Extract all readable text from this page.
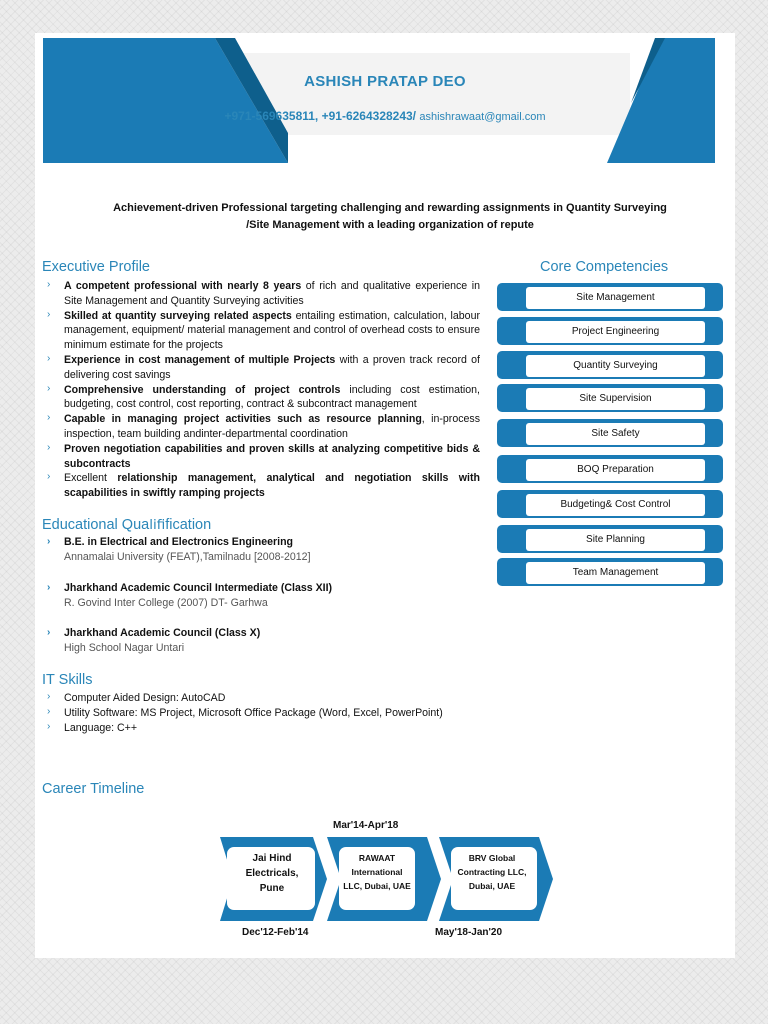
ASHISH PRATAP DEO
+971-569635811, +91-6264328243/ ashishrawaat@gmail.com
Achievement-driven Professional targeting challenging and rewarding assignments in Quantity Surveying /Site Management with a leading organization of repute
Executive Profile
› A competent professional with nearly 8 years of rich and qualitative experience in Site Management and Quantity Surveying activities
› Skilled at quantity surveying related aspects entailing estimation, calculation, labour management, equipment/ material management and control of overhead costs to ensure minimum estimate for the projects
› Experience in cost management of multiple Projects with a proven track record of delivering cost savings
› Comprehensive understanding of project controls including cost estimation, budgeting, cost control, cost reporting, contract & subcontract management
› Capable in managing project activities such as resource planning, in-process inspection, team building andinter-departmental coordination
› Proven negotiation capabilities and proven skills at analyzing competitive bids & subcontracts
› Excellent relationship management, analytical and negotiation skills with scapabilities in swiftly ramping projects
Educational Qualifification
› B.E. in Electrical and Electronics Engineering
Annamalai University (FEAT),Tamilnadu [2008-2012]
› Jharkhand Academic Council Intermediate (Class XII)
R. Govind Inter College (2007) DT- Garhwa
› Jharkhand Academic Council (Class X)
High School Nagar Untari
IT Skills
› Computer Aided Design: AutoCAD
› Utility Software: MS Project, Microsoft Office Package (Word, Excel, PowerPoint)
› Language: C++
Core Competencies
Site Management
Project Engineering
Quantity Surveying
Site Supervision
Site Safety
BOQ Preparation
Budgeting& Cost Control
Site Planning
Team Management
Career Timeline
Jai Hind
Electricals,
Pune
RAWAAT
International
LLC, Dubai, UAE
BRV Global
Contracting LLC,
Dubai, UAE
Dec'12-Feb'14
Mar'14-Apr'18
May'18-Jan'20
